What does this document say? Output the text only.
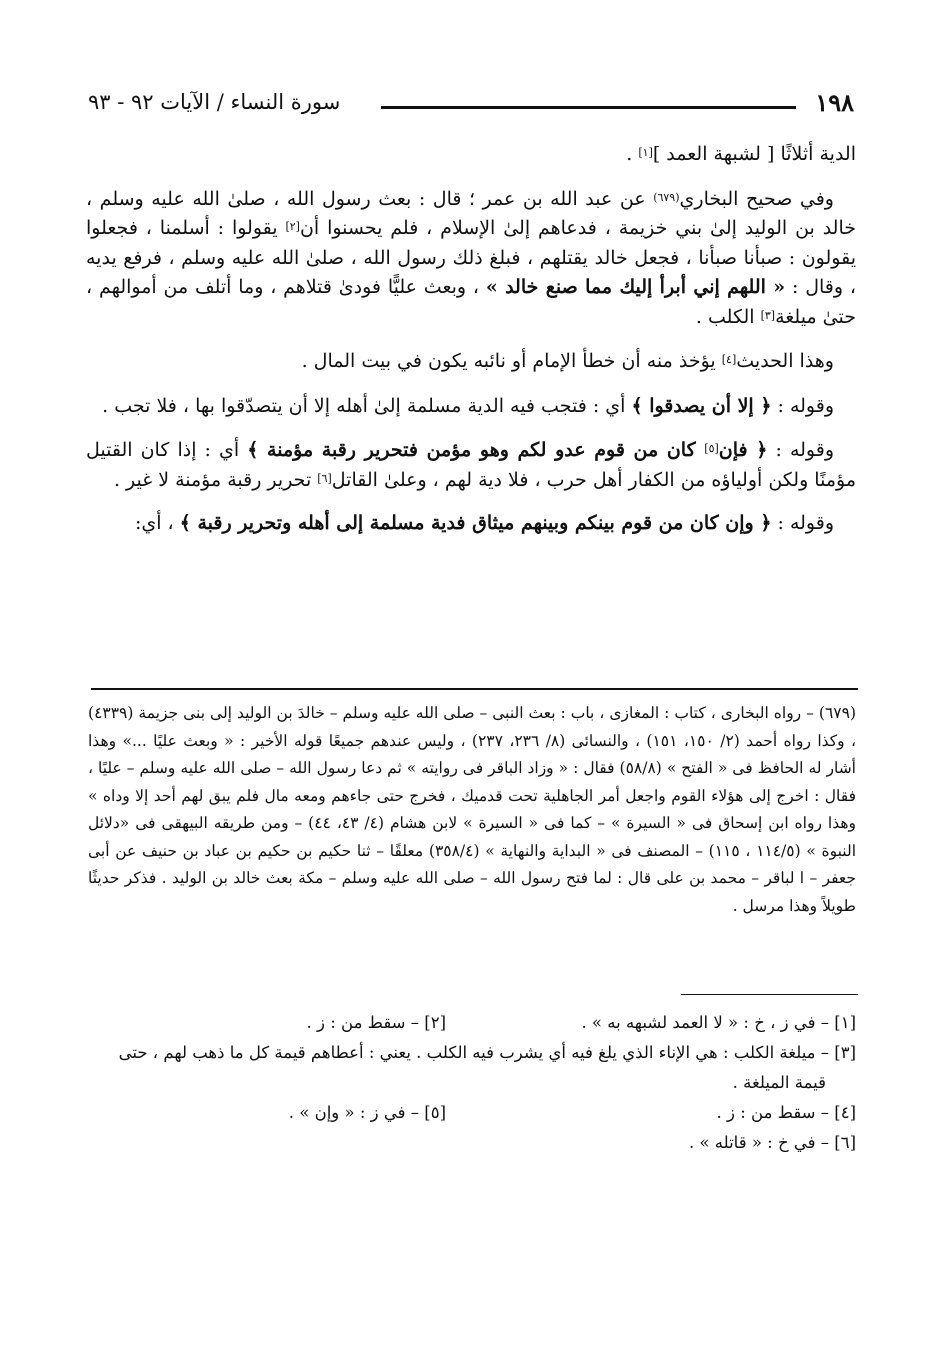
١٩٨
سورة النساء / الآيات ٩٢ - ٩٣

الدية أثلاثًا [ لشبهة العمد ][١] .

وفي صحيح البخاري$^{(٦٧٩)}$ عن عبد الله بن عمر ؛ قال : بعث رسول الله ، صلىٰ الله عليه وسلم ، خالد بن الوليد إلىٰ بني خزيمة ، فدعاهم إلىٰ الإسلام ، فلم يحسنوا أن[٢] يقولوا : أسلمنا ، فجعلوا يقولون : صبأنا صبأنا ، فجعل خالد يقتلهم ، فبلغ ذلك رسول الله ، صلىٰ الله عليه وسلم ، فرفع يديه ، وقال : « اللهم إني أبرأ إليك مما صنع خالد » ، وبعث عليًّا فودىٰ قتلاهم ، وما أتلف من أموالهم ، حتىٰ ميلغة[٣] الكلب .

وهذا الحديث[٤] يؤخذ منه أن خطأ الإمام أو نائبه يكون في بيت المال .

وقوله : ﴿ إلا أن يصدقوا ﴾ أي : فتجب فيه الدية مسلمة إلىٰ أهله إلا أن يتصدّقوا بها ، فلا تجب .

وقوله : ﴿ فإن[٥] كان من قوم عدو لكم وهو مؤمن فتحرير رقبة مؤمنة ﴾ أي : إذا كان القتيل مؤمنًا ولكن أولياؤه من الكفار أهل حرب ، فلا دية لهم ، وعلىٰ القاتل[٦] تحرير رقبة مؤمنة لا غير .

وقوله : ﴿ وإن كان من قوم بينكم وبينهم ميثاق فدية مسلمة إلى أهله وتحرير رقبة ﴾ ، أي:

(٦٧٩) – رواه البخارى ، كتاب : المغازى ، باب : بعث النبى – صلى الله عليه وسلم – خالدَ بن الوليد إلى بنى جزيمة (٤٣٣٩) ، وكذا رواه أحمد (٢/ ١٥٠، ١٥١) ، والنسائى (٨/ ٢٣٦، ٢٣٧) ، وليس عندهم جميعًا قوله الأخير : « وبعث عليًا ...» وهذا أشار له الحافظ فى « الفتح » (٥٨/٨) فقال : « وزاد الباقر فى روايته » ثم دعا رسول الله – صلى الله عليه وسلم – عليًا ، فقال : اخرج إلى هؤلاء القوم واجعل أمر الجاهلية تحت قدميك ، فخرج حتى جاءهم ومعه مال فلم يبق لهم أحد إلا وداه » وهذا رواه ابن إسحاق فى « السيرة » – كما فى « السيرة » لابن هشام (٤/ ٤٣، ٤٤) – ومن طريقه البيهقى فى «دلائل النبوة » (١١٤/٥ ، ١١٥) – المصنف فى « البداية والنهاية » (٣٥٨/٤) معلقًا – ثنا حكيم بن حكيم بن عباد بن حنيف عن أبى جعفر – ا لباقر – محمد بن على قال : لما فتح رسول الله – صلى الله عليه وسلم – مكة بعث خالد بن الوليد . فذكر حديثًا طويلاً وهذا مرسل .

[١] – في ز ، خ : « لا العمد لشبهه به » .
[٢] – سقط من : ز .
[٣] – ميلغة الكلب : هي الإناء الذي يلغ فيه أي يشرب فيه الكلب . يعني : أعطاهم قيمة كل ما ذهب لهم ، حتى قيمة الميلغة .
[٤] – سقط من : ز .
[٥] – في ز : « وإن » .
[٦] – في خ : « قاتله » .
